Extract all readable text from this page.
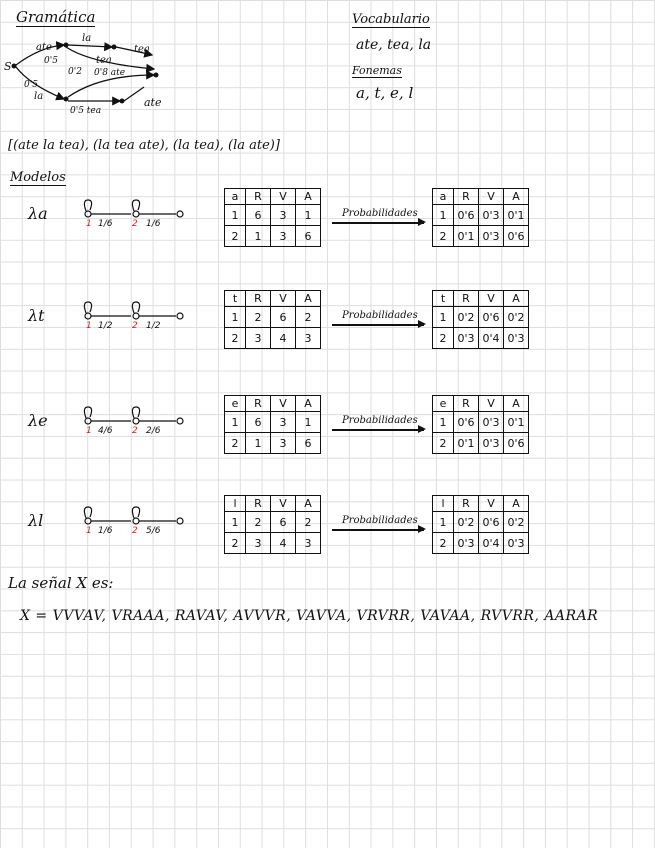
Gramática
S
ate
0'5
0'5
la
tea
tea
0'2 0'8 ate
la
0'5 tea
ate
Vocabulario
ate, tea, la
Fonemas
a, t, e, l
[(ate la tea), (la tea ate), (la tea), (la ate)]
Modelos
λa
1 1/6 2 1/6
a	R	V	A
1	6	3	1
2	1	3	6
Probabilidades
a	R	V	A
1	0'6	0'3	0'1
2	0'1	0'3	0'6
λt
1 1/2 2 1/2
t	R	V	A
1	2	6	2
2	3	4	3
Probabilidades
t	R	V	A
1	0'2	0'6	0'2
2	0'3	0'4	0'3
λe
1 4/6 2 2/6
e	R	V	A
1	6	3	1
2	1	3	6
Probabilidades
e	R	V	A
1	0'6	0'3	0'1
2	0'1	0'3	0'6
λl
1 1/6 2 5/6
l	R	V	A
1	2	6	2
2	3	4	3
Probabilidades
l	R	V	A
1	0'2	0'6	0'2
2	0'3	0'4	0'3
La señal X es:
X = VVVAV, VRAAA, RAVAV, AVVVR, VAVVA, VRVRR, VAVAA, RVVRR, AARAR
